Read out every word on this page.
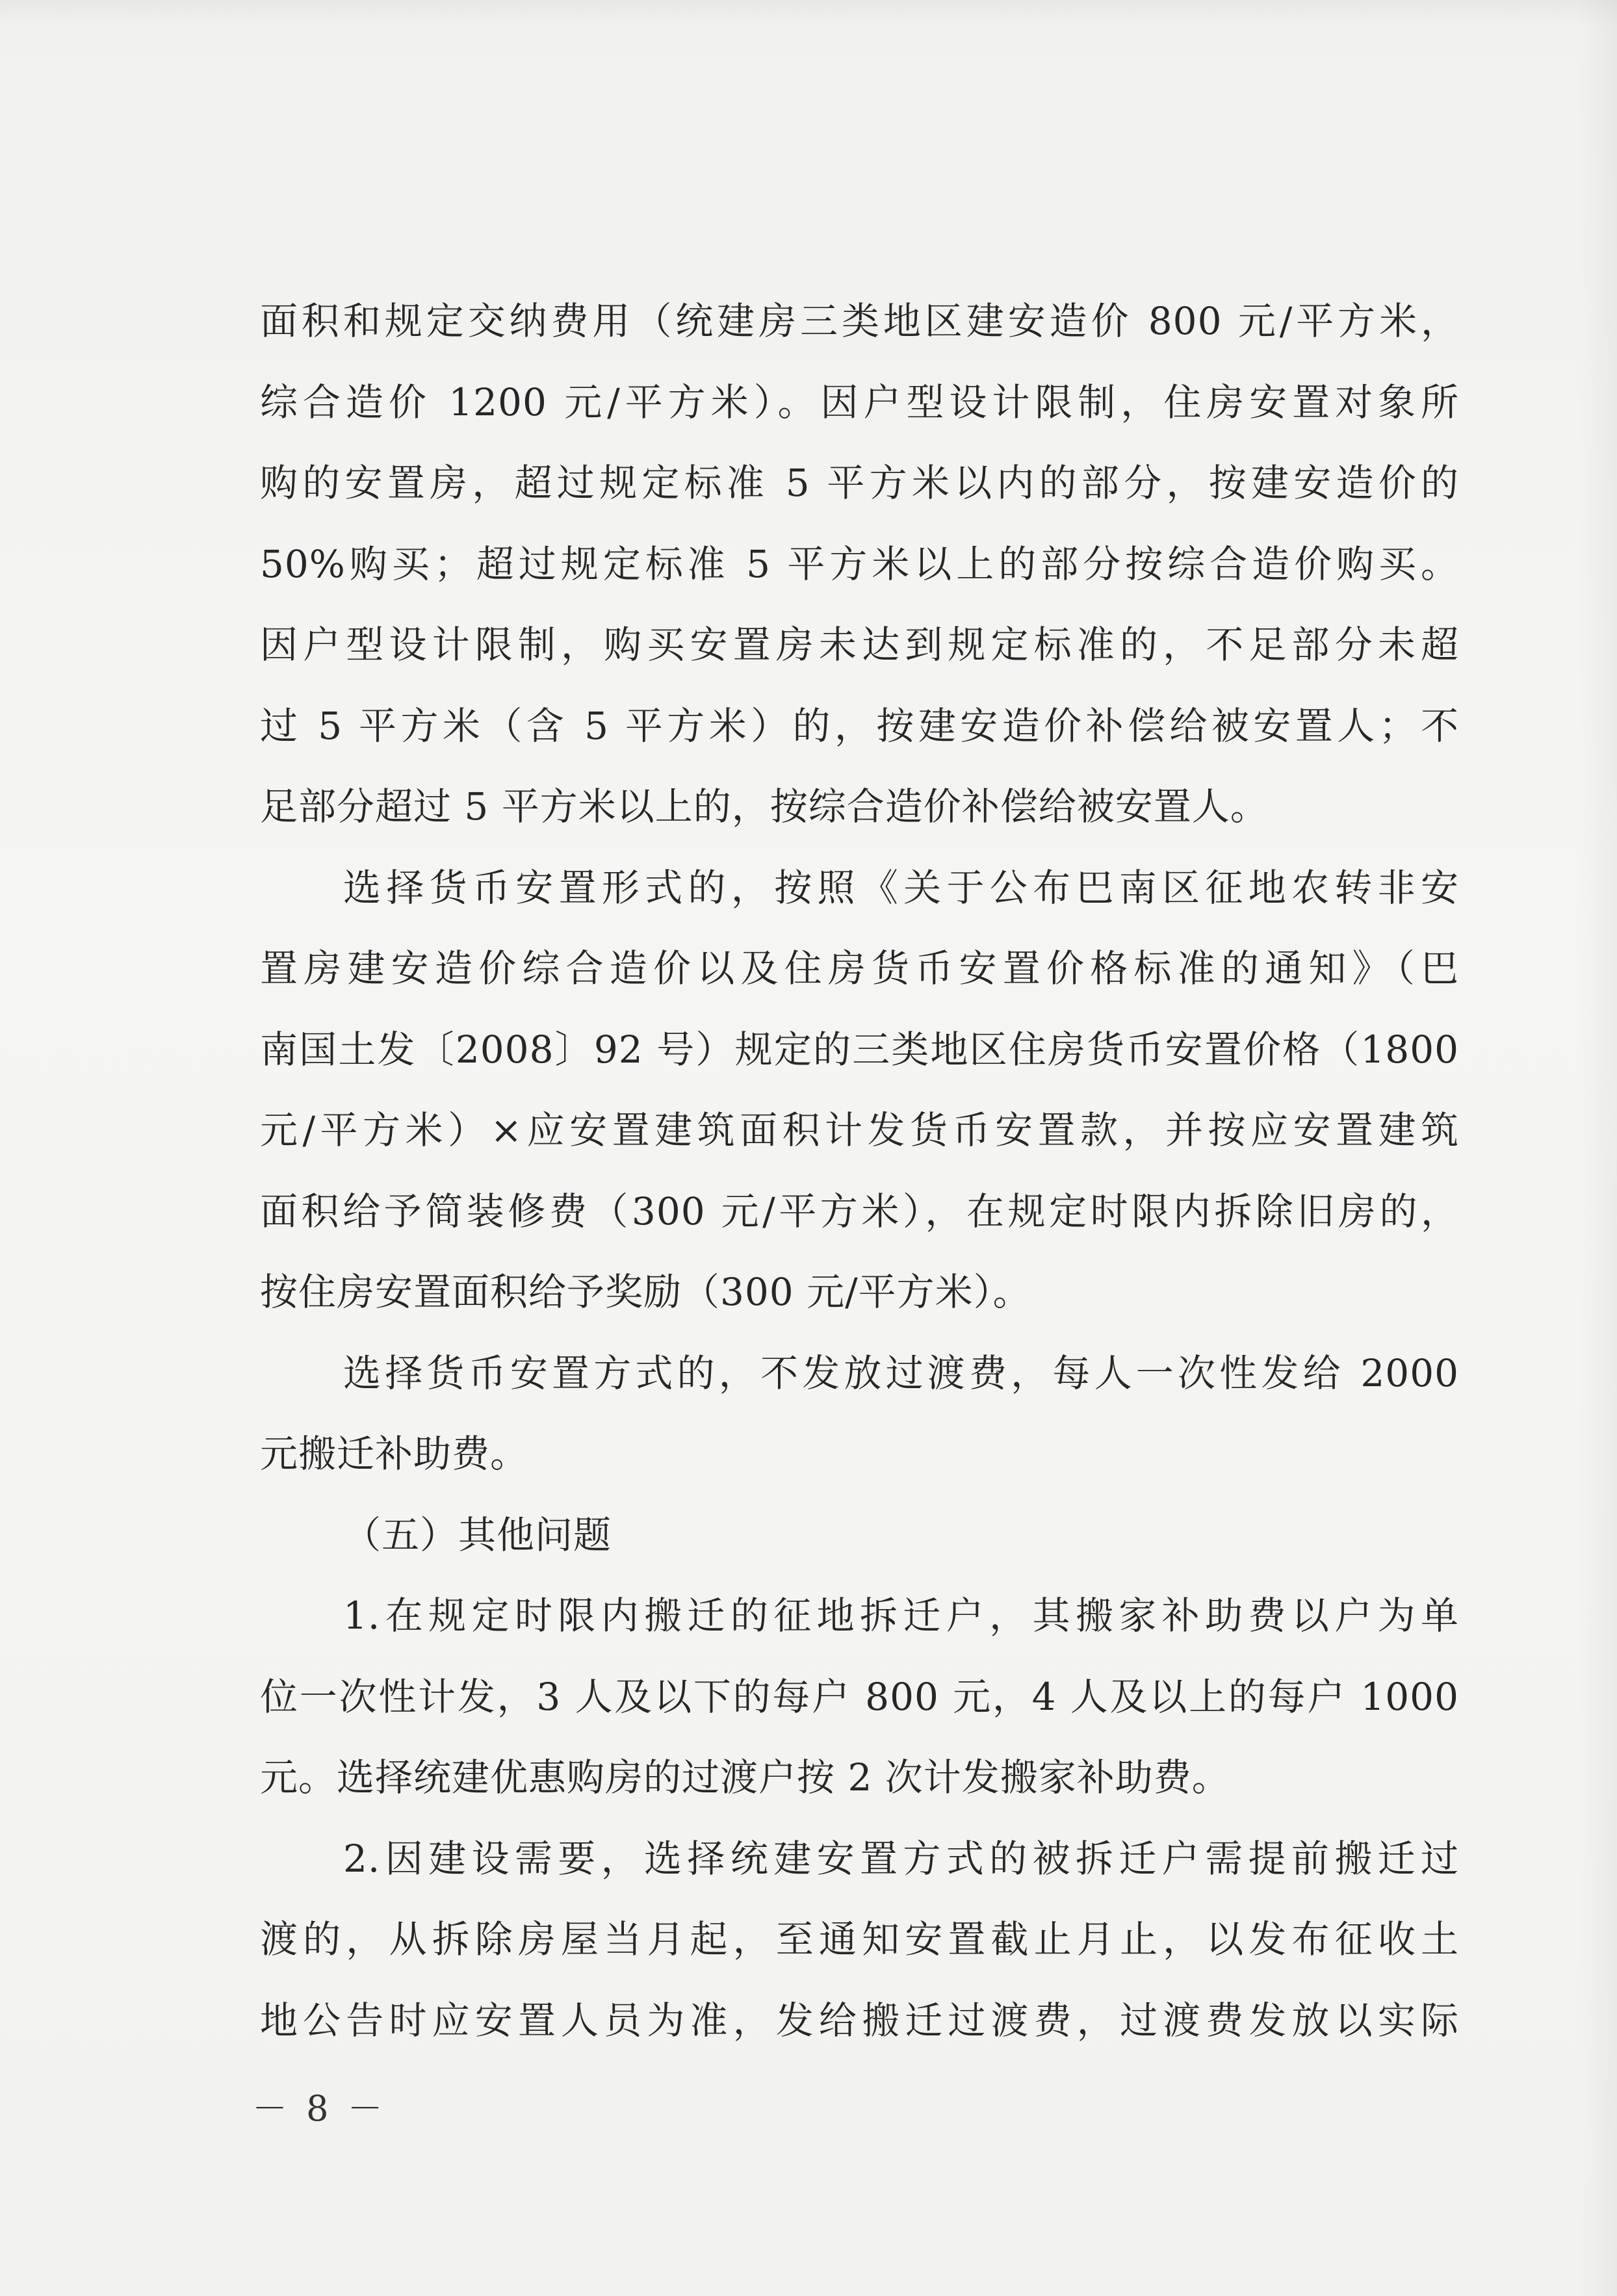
面积和规定交纳费用（统建房三类地区建安造价 800 元/平方米，
综合造价 1200 元/平方米）。因户型设计限制，住房安置对象所
购的安置房，超过规定标准 5 平方米以内的部分，按建安造价的
50%购买；超过规定标准 5 平方米以上的部分按综合造价购买。
因户型设计限制，购买安置房未达到规定标准的，不足部分未超
过 5 平方米（含 5 平方米）的，按建安造价补偿给被安置人；不
足部分超过 5 平方米以上的，按综合造价补偿给被安置人。
选择货币安置形式的，按照《关于公布巴南区征地农转非安
置房建安造价综合造价以及住房货币安置价格标准的通知》（巴
南国土发〔2008〕92 号）规定的三类地区住房货币安置价格（1800
元/平方米）×应安置建筑面积计发货币安置款，并按应安置建筑
面积给予简装修费（300 元/平方米），在规定时限内拆除旧房的，
按住房安置面积给予奖励（300 元/平方米）。
选择货币安置方式的，不发放过渡费，每人一次性发给 2000
元搬迁补助费。
（五）其他问题
1.在规定时限内搬迁的征地拆迁户，其搬家补助费以户为单
位一次性计发，3 人及以下的每户 800 元，4 人及以上的每户 1000
元。选择统建优惠购房的过渡户按 2 次计发搬家补助费。
2.因建设需要，选择统建安置方式的被拆迁户需提前搬迁过
渡的，从拆除房屋当月起，至通知安置截止月止，以发布征收土
地公告时应安置人员为准，发给搬迁过渡费，过渡费发放以实际
－ 8 －
